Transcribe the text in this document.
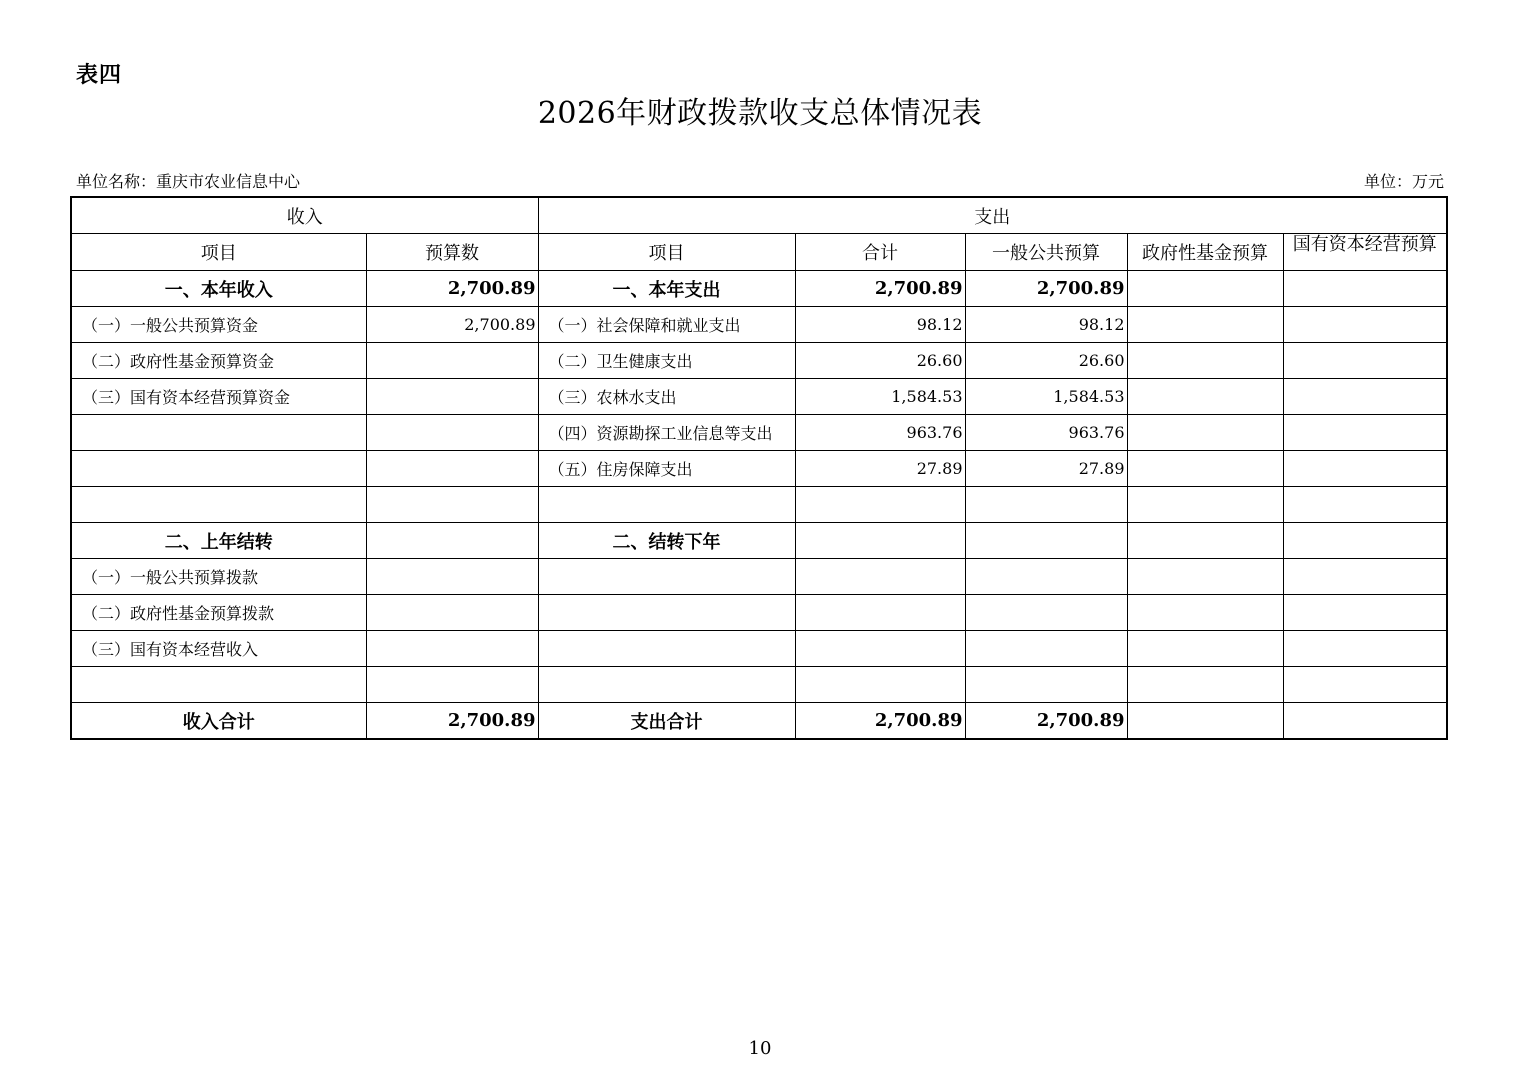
表四
2026年财政拨款收支总体情况表
单位名称：重庆市农业信息中心	单位：万元
收入		支出				
项目	预算数	项目	合计	一般公共预算	政府性基金预算	国有资本经营预算
一、本年收入	2,700.89	一、本年支出	2,700.89	2,700.89		
（一）一般公共预算资金	2,700.89	（一）社会保障和就业支出	98.12	98.12		
（二）政府性基金预算资金		（二）卫生健康支出	26.60	26.60		
（三）国有资本经营预算资金		（三）农林水支出	1,584.53	1,584.53		
		（四）资源勘探工业信息等支出	963.76	963.76		
		（五）住房保障支出	27.89	27.89		

二、上年结转		二、结转下年				
（一）一般公共预算拨款						
（二）政府性基金预算拨款						
（三）国有资本经营收入						

收入合计	2,700.89	支出合计	2,700.89	2,700.89		
10
